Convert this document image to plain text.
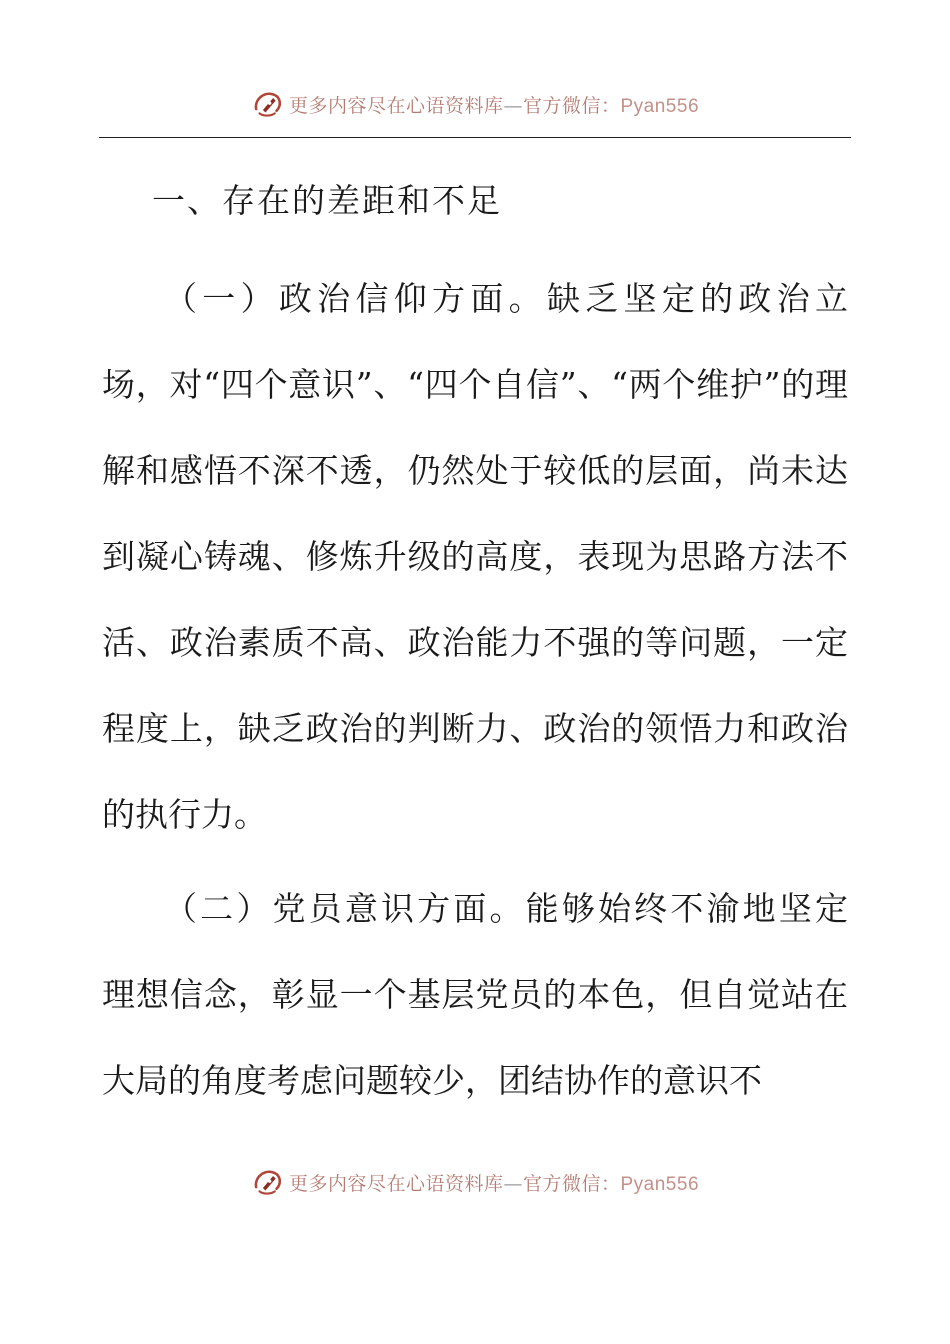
更多内容尽在心语资料库—官方微信：Pyan556
一、存在的差距和不足

（一）政治信仰方面。缺乏坚定的政治立
场，对“四个意识”、“四个自信”、“两个维护”的理解和感悟不深不透，仍然处于较低的层面，尚未达到凝心铸魂、修炼升级的高度，表现为思路方法不活、政治素质不高、政治能力不强的等问题，一定程度上，缺乏政治的判断力、政治的领悟力和政治的执行力。

（二）党员意识方面。能够始终不渝地坚定
理想信念，彰显一个基层党员的本色，但自觉站在大局的角度考虑问题较少，团结协作的意识不

更多内容尽在心语资料库—官方微信：Pyan556
